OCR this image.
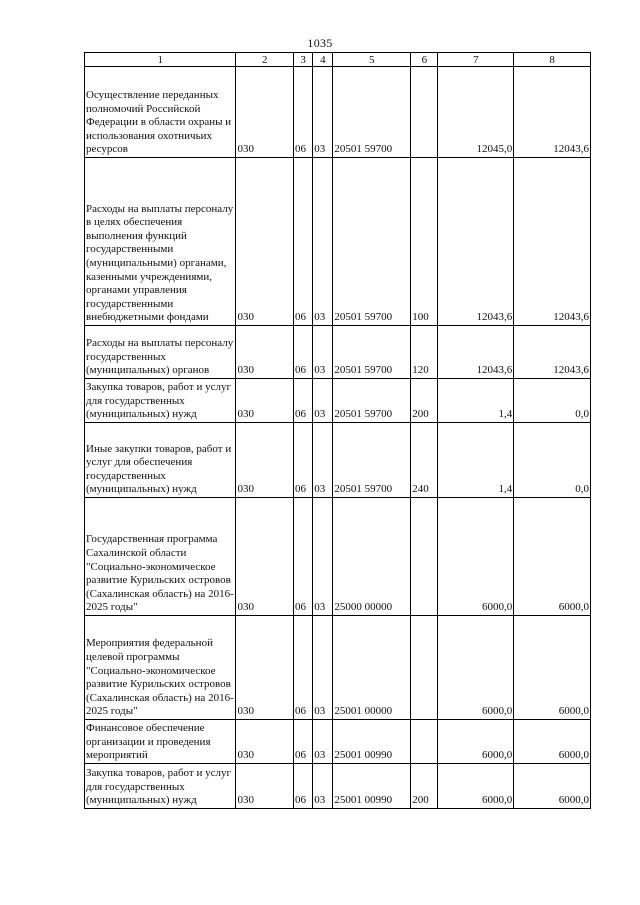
1035
1	2	3	4	5	6	7	8
Осуществление переданных полномочий Российской Федерации в области охраны и использования охотничьих ресурсов	030	06	03	20501 59700		12045,0	12043,6
Расходы на выплаты персоналу в целях обеспечения выполнения функций государственными (муниципальными) органами, казенными учреждениями, органами управления государственными внебюджетными фондами	030	06	03	20501 59700	100	12043,6	12043,6
Расходы на выплаты персоналу государственных (муниципальных) органов	030	06	03	20501 59700	120	12043,6	12043,6
Закупка товаров, работ и услуг для государственных (муниципальных) нужд	030	06	03	20501 59700	200	1,4	0,0
Иные закупки товаров, работ и услуг для обеспечения государственных (муниципальных) нужд	030	06	03	20501 59700	240	1,4	0,0
Государственная программа Сахалинской области "Социально-экономическое развитие Курильских островов (Сахалинская область) на 2016-2025 годы"	030	06	03	25000 00000		6000,0	6000,0
Мероприятия федеральной целевой программы "Социально-экономическое развитие Курильских островов (Сахалинская область) на 2016-2025 годы"	030	06	03	25001 00000		6000,0	6000,0
Финансовое обеспечение организации и проведения мероприятий	030	06	03	25001 00990		6000,0	6000,0
Закупка товаров, работ и услуг для государственных (муниципальных) нужд	030	06	03	25001 00990	200	6000,0	6000,0
